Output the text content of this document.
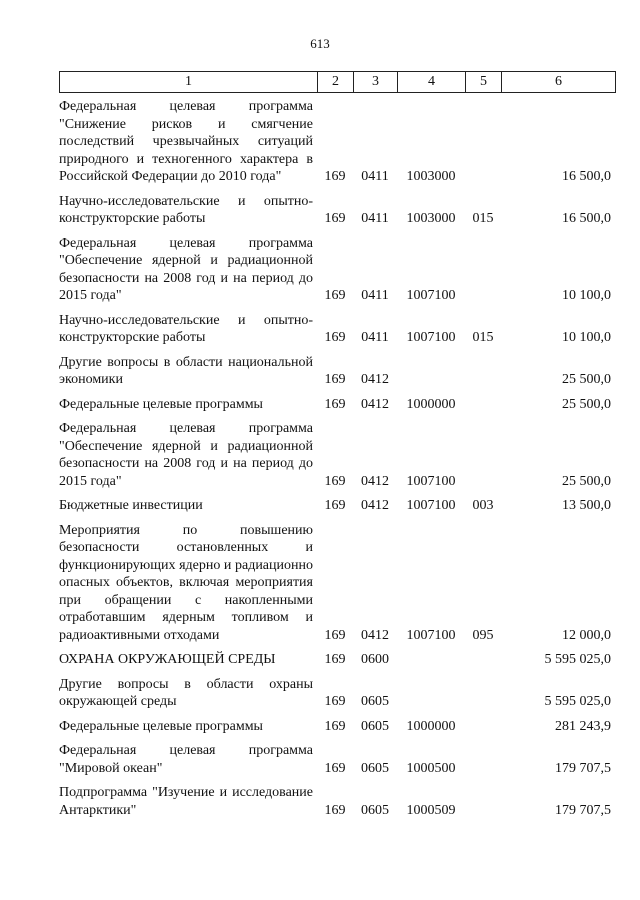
613
1	2	3	4	5	6
Федеральная целевая программа "Снижение рисков и смягчение последствий чрезвычайных ситуаций природного и техногенного характера в Российской Федерации до 2010 года"	169	0411	1003000		16 500,0
Научно-исследовательские и опытно-конструкторские работы	169	0411	1003000	015	16 500,0
Федеральная целевая программа "Обеспечение ядерной и радиационной безопасности на 2008 год и на период до 2015 года"	169	0411	1007100		10 100,0
Научно-исследовательские и опытно-конструкторские работы	169	0411	1007100	015	10 100,0
Другие вопросы в области национальной экономики	169	0412			25 500,0
Федеральные целевые программы	169	0412	1000000		25 500,0
Федеральная целевая программа "Обеспечение ядерной и радиационной безопасности на 2008 год и на период до 2015 года"	169	0412	1007100		25 500,0
Бюджетные инвестиции	169	0412	1007100	003	13 500,0
Мероприятия по повышению безопасности остановленных и функционирующих ядерно и радиационно опасных объектов, включая мероприятия при обращении с накопленными отработавшим ядерным топливом и радиоактивными отходами	169	0412	1007100	095	12 000,0
ОХРАНА ОКРУЖАЮЩЕЙ СРЕДЫ	169	0600			5 595 025,0
Другие вопросы в области охраны окружающей среды	169	0605			5 595 025,0
Федеральные целевые программы	169	0605	1000000		281 243,9
Федеральная целевая программа "Мировой океан"	169	0605	1000500		179 707,5
Подпрограмма "Изучение и исследование Антарктики"	169	0605	1000509		179 707,5
